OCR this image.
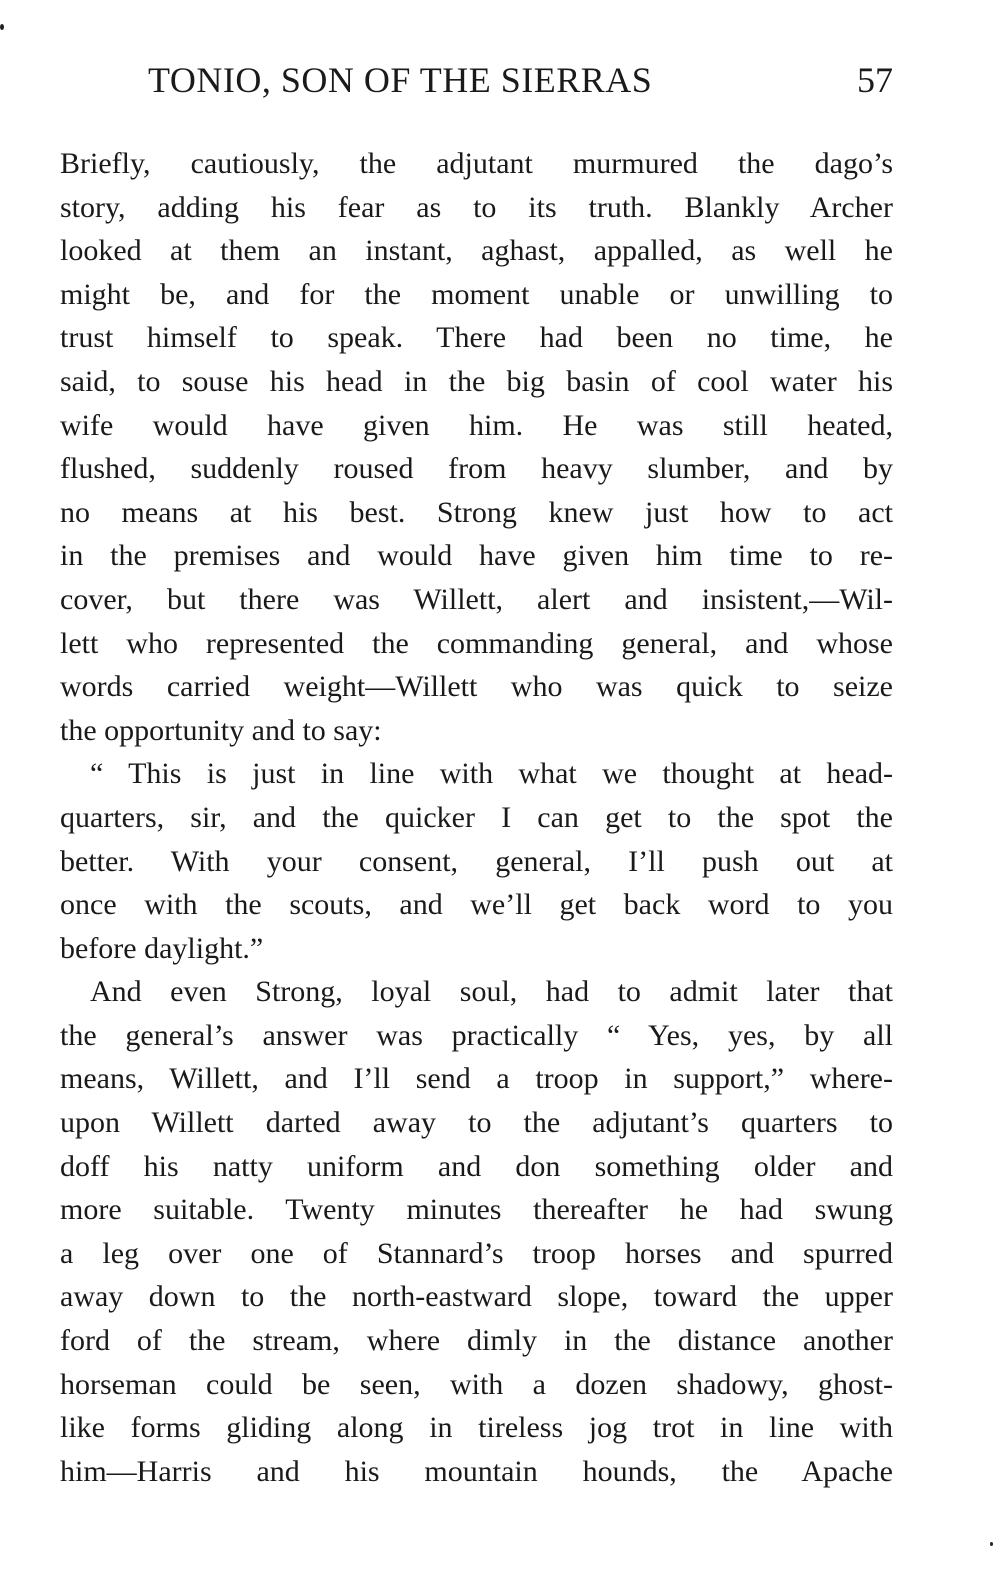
TONIO, SON OF THE SIERRAS	57
Briefly, cautiously, the adjutant murmured the dago’s
story, adding his fear as to its truth. Blankly Archer
looked at them an instant, aghast, appalled, as well he
might be, and for the moment unable or unwilling to
trust himself to speak. There had been no time, he
said, to souse his head in the big basin of cool water his
wife would have given him. He was still heated,
flushed, suddenly roused from heavy slumber, and by
no means at his best. Strong knew just how to act
in the premises and would have given him time to re-
cover, but there was Willett, alert and insistent,—Wil-
lett who represented the commanding general, and whose
words carried weight—Willett who was quick to seize
the opportunity and to say:
“ This is just in line with what we thought at head-
quarters, sir, and the quicker I can get to the spot the
better. With your consent, general, I’ll push out at
once with the scouts, and we’ll get back word to you
before daylight.”
And even Strong, loyal soul, had to admit later that
the general’s answer was practically “ Yes, yes, by all
means, Willett, and I’ll send a troop in support,” where-
upon Willett darted away to the adjutant’s quarters to
doff his natty uniform and don something older and
more suitable. Twenty minutes thereafter he had swung
a leg over one of Stannard’s troop horses and spurred
away down to the north-eastward slope, toward the upper
ford of the stream, where dimly in the distance another
horseman could be seen, with a dozen shadowy, ghost-
like forms gliding along in tireless jog trot in line with
him—Harris and his mountain hounds, the Apache
